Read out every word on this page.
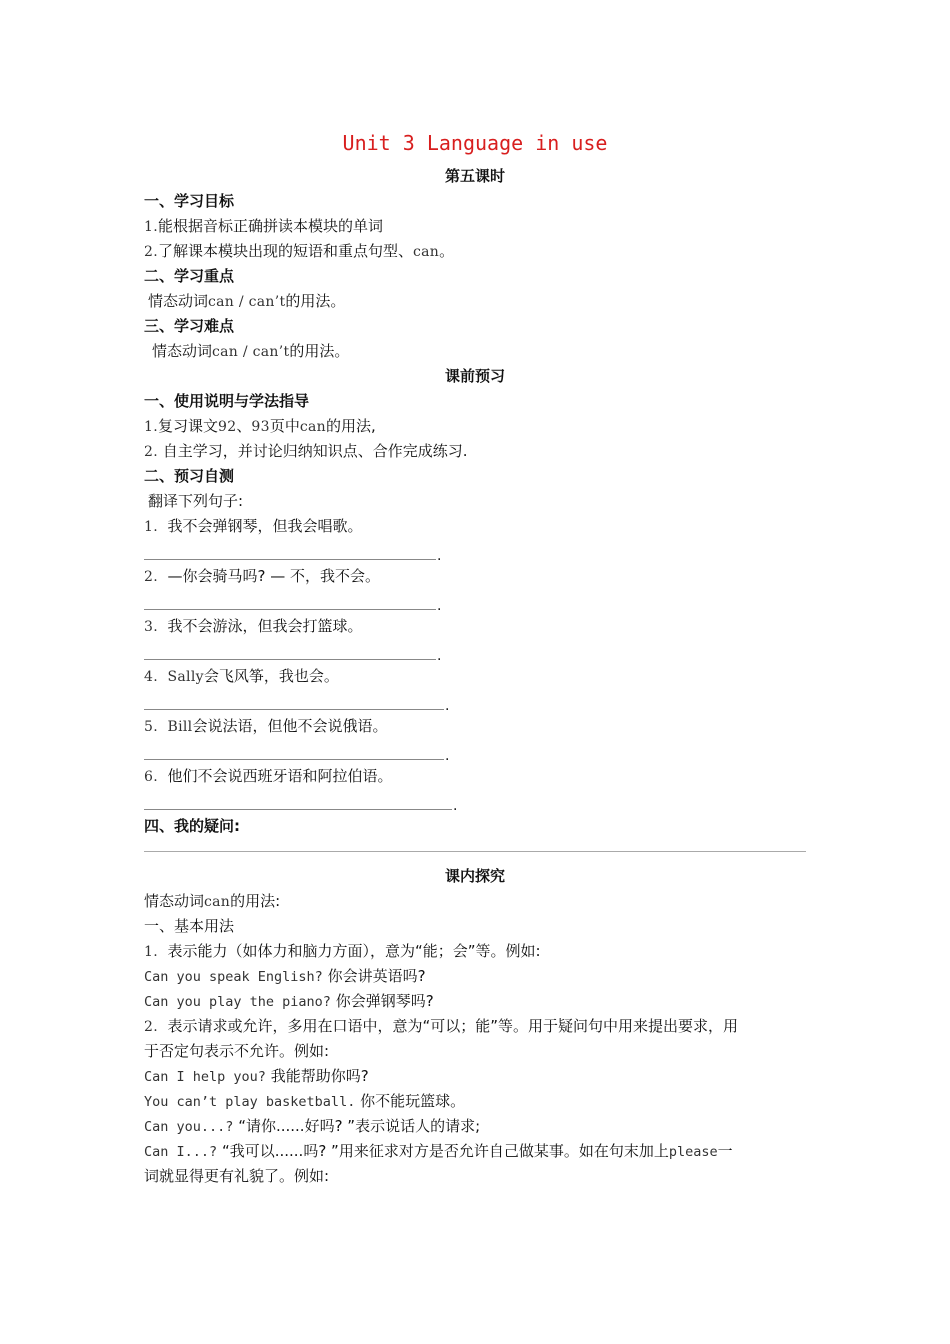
Unit 3 Language in use
第五课时
一、学习目标
1.能根据音标正确拼读本模块的单词
2.了解课本模块出现的短语和重点句型、can。
二、学习重点
情态动词can / can’t的用法。
三、学习难点
情态动词can / can’t的用法。
课前预习
一、使用说明与学法指导
1.复习课文92、93页中can的用法,
2. 自主学习，并讨论归纳知识点、合作完成练习.
二、预习自测
翻译下列句子:
1. 我不会弹钢琴，但我会唱歌。
.
2. —你会骑马吗? — 不，我不会。
.
3. 我不会游泳，但我会打篮球。
.
4. Sally会飞风筝，我也会。
.
5. Bill会说法语，但他不会说俄语。
.
6. 他们不会说西班牙语和阿拉伯语。
.
四、我的疑问:
课内探究
情态动词can的用法:
一、基本用法
1. 表示能力（如体力和脑力方面），意为“能；会”等。例如:
Can you speak English? 你会讲英语吗?
Can you play the piano? 你会弹钢琴吗?
2. 表示请求或允许，多用在口语中，意为“可以；能”等。用于疑问句中用来提出要求，用
于否定句表示不允许。例如:
Can I help you? 我能帮助你吗?
You can’t play basketball. 你不能玩篮球。
Can you...? “请你......好吗? ”表示说话人的请求;
Can I...? “我可以......吗? ”用来征求对方是否允许自己做某事。如在句末加上please一
词就显得更有礼貌了。例如:
